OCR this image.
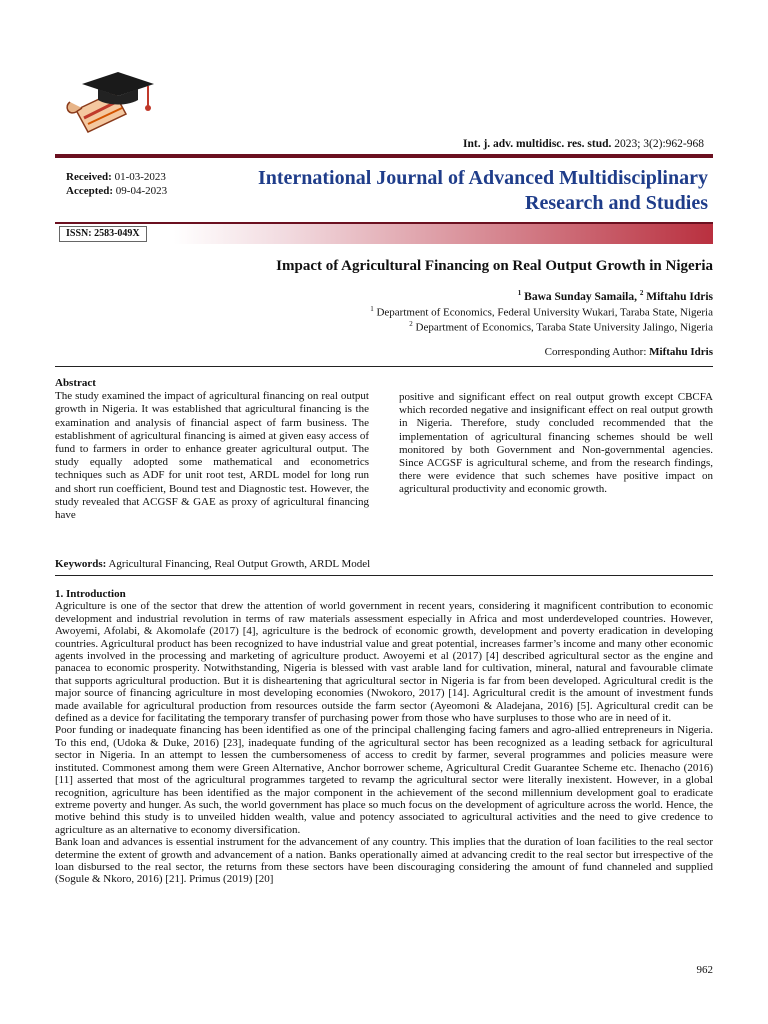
Int. j. adv. multidisc. res. stud. 2023; 3(2):962-968
Received: 01-03-2023
Accepted: 09-04-2023
International Journal of Advanced Multidisciplinary
Research and Studies
ISSN: 2583-049X
Impact of Agricultural Financing on Real Output Growth in Nigeria
$^1$ Bawa Sunday Samaila, $^2$ Miftahu Idris
$^1$ Department of Economics, Federal University Wukari, Taraba State, Nigeria
$^2$ Department of Economics, Taraba State University Jalingo, Nigeria
Corresponding Author: Miftahu Idris
Abstract
The study examined the impact of agricultural financing on real output growth in Nigeria. It was established that agricultural financing is the examination and analysis of financial aspect of farm business. The establishment of agricultural financing is aimed at given easy access of fund to farmers in order to enhance greater agricultural output. The study equally adopted some mathematical and econometrics techniques such as ADF for unit root test, ARDL model for long run and short run coefficient, Bound test and Diagnostic test. However, the study revealed that ACGSF & GAE as proxy of agricultural financing have
positive and significant effect on real output growth except CBCFA which recorded negative and insignificant effect on real output growth in Nigeria. Therefore, study concluded recommended that the implementation of agricultural financing schemes should be well monitored by both Government and Non-governmental agencies. Since ACGSF is agricultural scheme, and from the research findings, there were evidence that such schemes have positive impact on agricultural productivity and economic growth.
Keywords: Agricultural Financing, Real Output Growth, ARDL Model

1. Introduction

Agriculture is one of the sector that drew the attention of world government in recent years, considering it magnificent contribution to economic development and industrial revolution in terms of raw materials assessment especially in Africa and most underdeveloped countries. However, Awoyemi, Afolabi, & Akomolafe (2017) [4], agriculture is the bedrock of economic growth, development and poverty eradication in developing countries. Agricultural product has been recognized to have industrial value and great potential, increases farmer’s income and many other economic agents involved in the processing and marketing of agriculture product. Awoyemi et al (2017) [4] described agricultural sector as the engine and panacea to economic prosperity. Notwithstanding, Nigeria is blessed with vast arable land for cultivation, mineral, natural and favourable climate that supports agricultural production. But it is disheartening that agricultural sector in Nigeria is far from been developed. Agricultural credit is the major source of financing agriculture in most developing economies (Nwokoro, 2017) [14]. Agricultural credit is the amount of investment funds made available for agricultural production from resources outside the farm sector (Ayeomoni & Aladejana, 2016) [5]. Agricultural credit can be defined as a device for facilitating the temporary transfer of purchasing power from those who have surpluses to those who are in need of it.

Poor funding or inadequate financing has been identified as one of the principal challenging facing famers and agro-allied entrepreneurs in Nigeria. To this end, (Udoka & Duke, 2016) [23], inadequate funding of the agricultural sector has been recognized as a leading setback for agricultural sector in Nigeria. In an attempt to lessen the cumbersomeness of access to credit by farmer, several programmes and policies measure were instituted. Commonest among them were Green Alternative, Anchor borrower scheme, Agricultural Credit Guarantee Scheme etc. Ihenacho (2016) [11] asserted that most of the agricultural programmes targeted to revamp the agricultural sector were literally inexistent. However, in a global recognition, agriculture has been identified as the major component in the achievement of the second millennium development goal to eradicate extreme poverty and hunger. As such, the world government has place so much focus on the development of agriculture across the world. Hence, the motive behind this study is to unveiled hidden wealth, value and potency associated to agricultural activities and the need to give credence to agriculture as an alternative to economy diversification.

Bank loan and advances is essential instrument for the advancement of any country. This implies that the duration of loan facilities to the real sector determine the extent of growth and advancement of a nation. Banks operationally aimed at advancing credit to the real sector but irrespective of the loan disbursed to the real sector, the returns from these sectors have been discouraging considering the amount of fund channeled and supplied (Sogule & Nkoro, 2016) [21]. Primus (2019) [20]

962
